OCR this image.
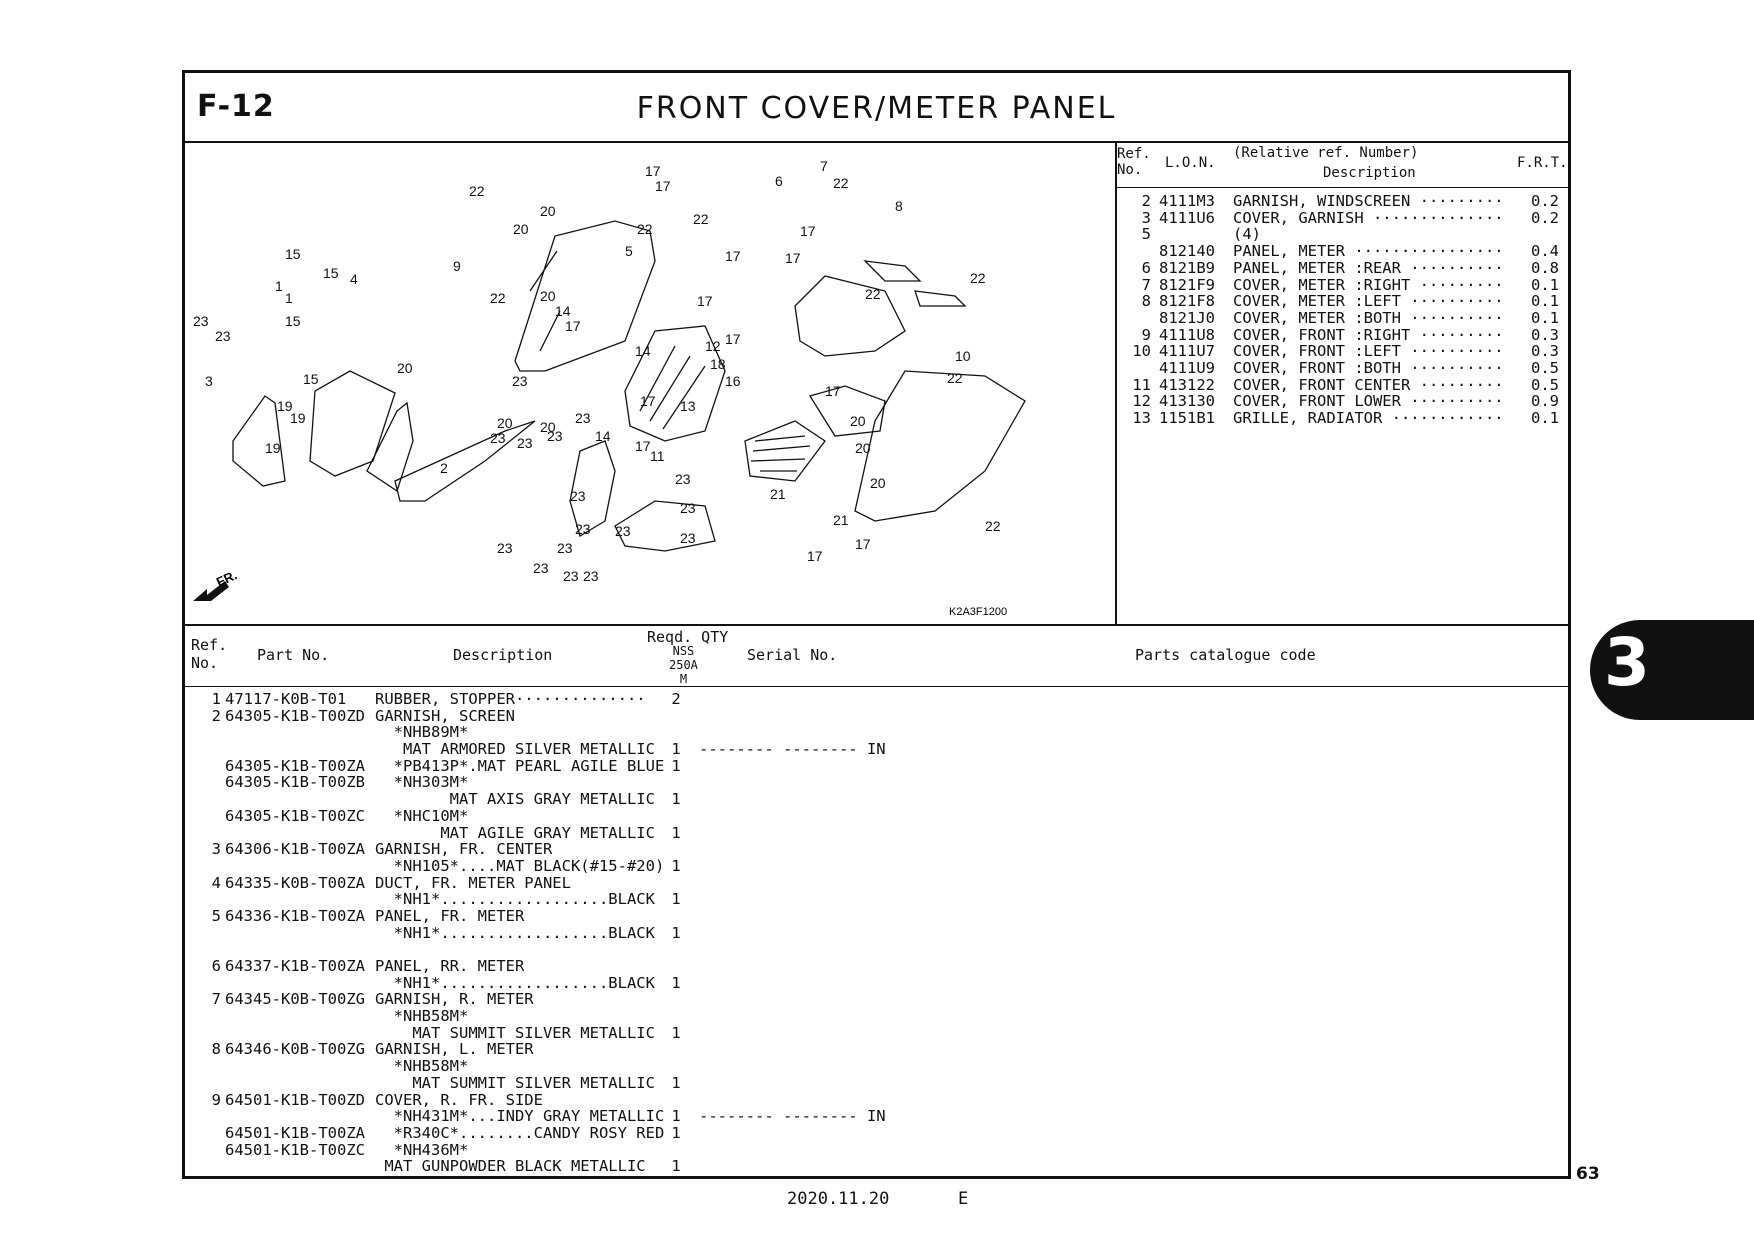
F-12	FRONT COVER/METER PANEL
FR.
K2A3F1200
1
1
2
3
4
5
6
7
8
9
10
11
12
13
14
14
14
15
15
15
15	16
17
17
17
17
17
17
17
17
17
17
17
17
17
18
19
19
19
20
20
20
20
20 20	20
20
20
21
21
22
22
22
22
22
22
22
22
22
23
23
23
23 23 23
23
23
23
23
23
23
23
23
23 23
23
23
Ref.
No.	L.O.N.
(Relative ref. Number)
Description
F.R.T.
2 4111M3	GARNISH, WINDSCREEN ·········	0.2
3 4111U6	COVER, GARNISH ··············	0.2
5	(4)
812140	PANEL, METER ················	0.4
6 8121B9	PANEL, METER :REAR ··········	0.8
7 8121F9	COVER, METER :RIGHT ·········	0.1
8 8121F8	COVER, METER :LEFT ··········	0.1
8121J0	COVER, METER :BOTH ··········	0.1
9 4111U8	COVER, FRONT :RIGHT ·········	0.3
10 4111U7	COVER, FRONT :LEFT ··········	0.3
4111U9	COVER, FRONT :BOTH ··········	0.5
11 413122	COVER, FRONT CENTER ·········	0.5
12 413130	COVER, FRONT LOWER ··········	0.9
13 1151B1	GRILLE, RADIATOR ············	0.1
Ref.
No.	Part No.	Description
Reqd. QTY
NSS
250A
M
Serial No.	Parts catalogue code
1 47117-K0B-T01	RUBBER, STOPPER··············	2
2 64305-K1B-T00ZD GARNISH, SCREEN
*NHB89M*
MAT ARMORED SILVER METALLIC	1	-------- -------- IN
64305-K1B-T00ZA *PB413P*.MAT PEARL AGILE BLUE 1
64305-K1B-T00ZB *NH303M*
MAT AXIS GRAY METALLIC	1
64305-K1B-T00ZC *NHC10M*
MAT AGILE GRAY METALLIC	1
3 64306-K1B-T00ZA GARNISH, FR. CENTER
*NH105*....MAT BLACK(#15-#20) 1
4 64335-K0B-T00ZA DUCT, FR. METER PANEL
*NH1*..................BLACK	1
5 64336-K1B-T00ZA PANEL, FR. METER
*NH1*..................BLACK	1
6 64337-K1B-T00ZA PANEL, RR. METER
*NH1*..................BLACK	1
7 64345-K0B-T00ZG GARNISH, R. METER
*NHB58M*
MAT SUMMIT SILVER METALLIC	1
8 64346-K0B-T00ZG GARNISH, L. METER
*NHB58M*
MAT SUMMIT SILVER METALLIC	1
9 64501-K1B-T00ZD COVER, R. FR. SIDE
*NH431M*...INDY GRAY METALLIC 1	-------- -------- IN
64501-K1B-T00ZA *R340C*........CANDY ROSY RED 1
64501-K1B-T00ZC *NH436M*
MAT GUNPOWDER BLACK METALLIC	1
3
63
2020.11.20	E
